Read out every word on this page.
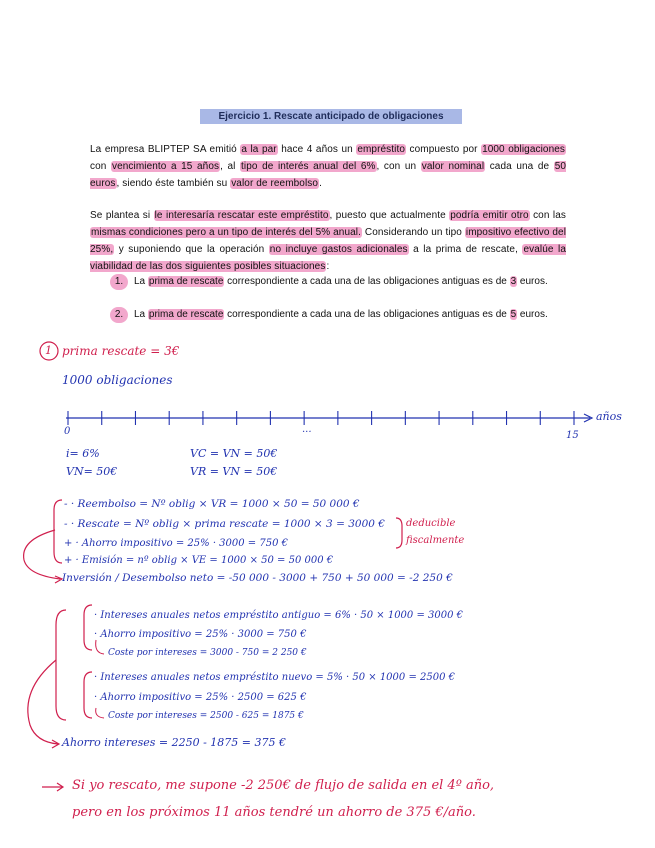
Ejercicio 1. Rescate anticipado de obligaciones
La empresa BLIPTEP SA emitió a la par hace 4 años un empréstito compuesto por 1000 obligaciones con vencimiento a 15 años, al tipo de interés anual del 6%, con un valor nominal cada una de 50 euros, siendo éste también su valor de reembolso.
Se plantea si le interesaría rescatar este empréstito, puesto que actualmente podría emitir otro con las mismas condiciones pero a un tipo de interés del 5% anual. Considerando un tipo impositivo efectivo del 25%, y suponiendo que la operación no incluye gastos adicionales a la prima de rescate, evalúe la viabilidad de las dos siguientes posibles situaciones:
1. La prima de rescate correspondiente a cada una de las obligaciones antiguas es de 3 euros.
2. La prima de rescate correspondiente a cada una de las obligaciones antiguas es de 5 euros.
1 prima rescate = 3€
1000 obligaciones
años
0	...
15
i= 6%
VN= 50€
VC = VN = 50€
VR = VN = 50€
- · Reembolso = Nº oblig × VR = 1000 × 50 = 50 000 €
- · Rescate = Nº oblig × prima rescate = 1000 × 3 = 3000 €
+ · Ahorro impositivo = 25% · 3000 = 750 €
+ · Emisión = nº oblig × VE = 1000 × 50 = 50 000 €
deducible fiscalmente
Inversión / Desembolso neto = -50 000 - 3000 + 750 + 50 000 = -2 250 €
· Intereses anuales netos empréstito antiguo = 6% · 50 × 1000 = 3000 €
· Ahorro impositivo = 25% · 3000 = 750 €
Coste por intereses = 3000 - 750 = 2 250 €
· Intereses anuales netos empréstito nuevo = 5% · 50 × 1000 = 2500 €
· Ahorro impositivo = 25% · 2500 = 625 €
Coste por intereses = 2500 - 625 = 1875 €
Ahorro intereses = 2250 - 1875 = 375 €
Si yo rescato, me supone -2 250€ de flujo de salida en el 4º año,
pero en los próximos 11 años tendré un ahorro de 375 €/año.
